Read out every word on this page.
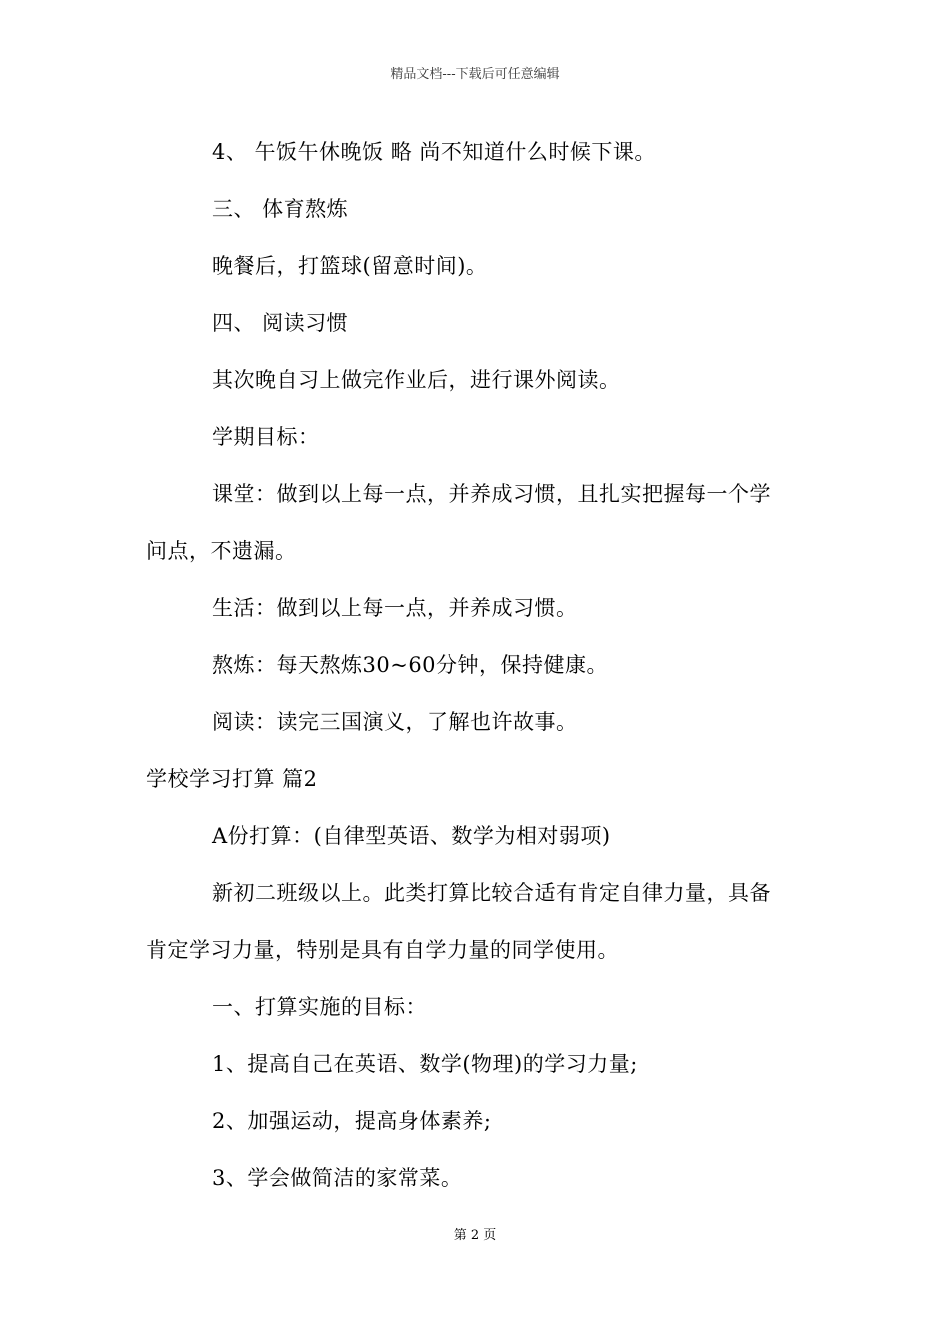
精品文档---下载后可任意编辑
4、 午饭午休晚饭 略 尚不知道什么时候下课。
三、 体育熬炼
晚餐后，打篮球(留意时间)。
四、 阅读习惯
其次晚自习上做完作业后，进行课外阅读。
学期目标：
课堂：做到以上每一点，并养成习惯，且扎实把握每一个学
问点，不遗漏。
生活：做到以上每一点，并养成习惯。
熬炼：每天熬炼30~60分钟，保持健康。
阅读：读完三国演义，了解也许故事。
学校学习打算 篇2
A份打算：(自律型英语、数学为相对弱项)
新初二班级以上。此类打算比较合适有肯定自律力量，具备
肯定学习力量，特别是具有自学力量的同学使用。
一、打算实施的目标：
1、提高自己在英语、数学(物理)的学习力量;
2、加强运动，提高身体素养;
3、学会做简洁的家常菜。
第 2 页
